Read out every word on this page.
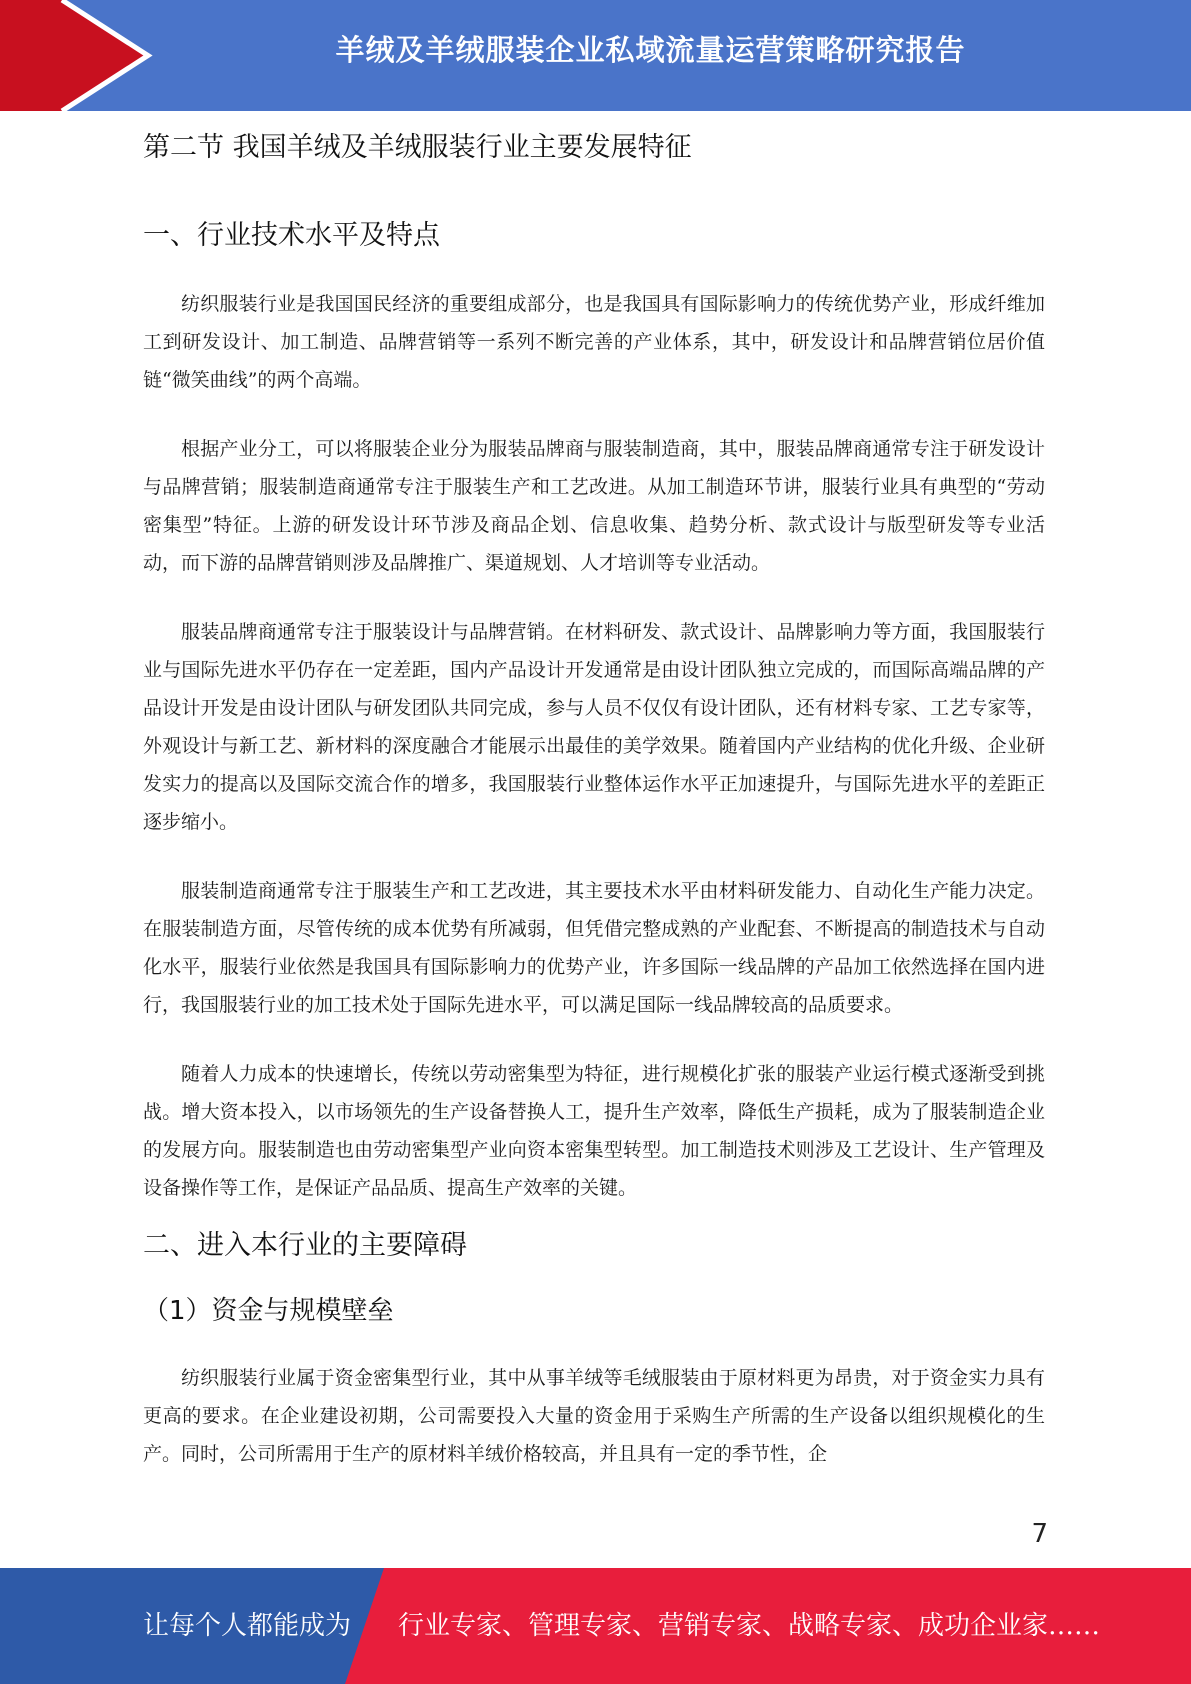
羊绒及羊绒服装企业私域流量运营策略研究报告
第二节 我国羊绒及羊绒服装行业主要发展特征
一、行业技术水平及特点

纺织服装行业是我国国民经济的重要组成部分，也是我国具有国际影响力的传统优势产业，形成纤维加工到研发设计、加工制造、品牌营销等一系列不断完善的产业体系，其中，研发设计和品牌营销位居价值链“微笑曲线”的两个高端。

根据产业分工，可以将服装企业分为服装品牌商与服装制造商，其中，服装品牌商通常专注于研发设计与品牌营销；服装制造商通常专注于服装生产和工艺改进。从加工制造环节讲，服装行业具有典型的“劳动密集型”特征。上游的研发设计环节涉及商品企划、信息收集、趋势分析、款式设计与版型研发等专业活动，而下游的品牌营销则涉及品牌推广、渠道规划、人才培训等专业活动。

服装品牌商通常专注于服装设计与品牌营销。在材料研发、款式设计、品牌影响力等方面，我国服装行业与国际先进水平仍存在一定差距，国内产品设计开发通常是由设计团队独立完成的，而国际高端品牌的产品设计开发是由设计团队与研发团队共同完成，参与人员不仅仅有设计团队，还有材料专家、工艺专家等，外观设计与新工艺、新材料的深度融合才能展示出最佳的美学效果。随着国内产业结构的优化升级、企业研发实力的提高以及国际交流合作的增多，我国服装行业整体运作水平正加速提升，与国际先进水平的差距正逐步缩小。

服装制造商通常专注于服装生产和工艺改进，其主要技术水平由材料研发能力、自动化生产能力决定。在服装制造方面，尽管传统的成本优势有所减弱，但凭借完整成熟的产业配套、不断提高的制造技术与自动化水平，服装行业依然是我国具有国际影响力的优势产业，许多国际一线品牌的产品加工依然选择在国内进行，我国服装行业的加工技术处于国际先进水平，可以满足国际一线品牌较高的品质要求。

随着人力成本的快速增长，传统以劳动密集型为特征，进行规模化扩张的服装产业运行模式逐渐受到挑战。增大资本投入，以市场领先的生产设备替换人工，提升生产效率，降低生产损耗，成为了服装制造企业的发展方向。服装制造也由劳动密集型产业向资本密集型转型。加工制造技术则涉及工艺设计、生产管理及设备操作等工作，是保证产品品质、提高生产效率的关键。

二、进入本行业的主要障碍
（1）资金与规模壁垒

纺织服装行业属于资金密集型行业，其中从事羊绒等毛绒服装由于原材料更为昂贵，对于资金实力具有更高的要求。在企业建设初期，公司需要投入大量的资金用于采购生产所需的生产设备以组织规模化的生产。同时，公司所需用于生产的原材料羊绒价格较高，并且具有一定的季节性，企

7
让每个人都能成为 行业专家、管理专家、营销专家、战略专家、成功企业家……
